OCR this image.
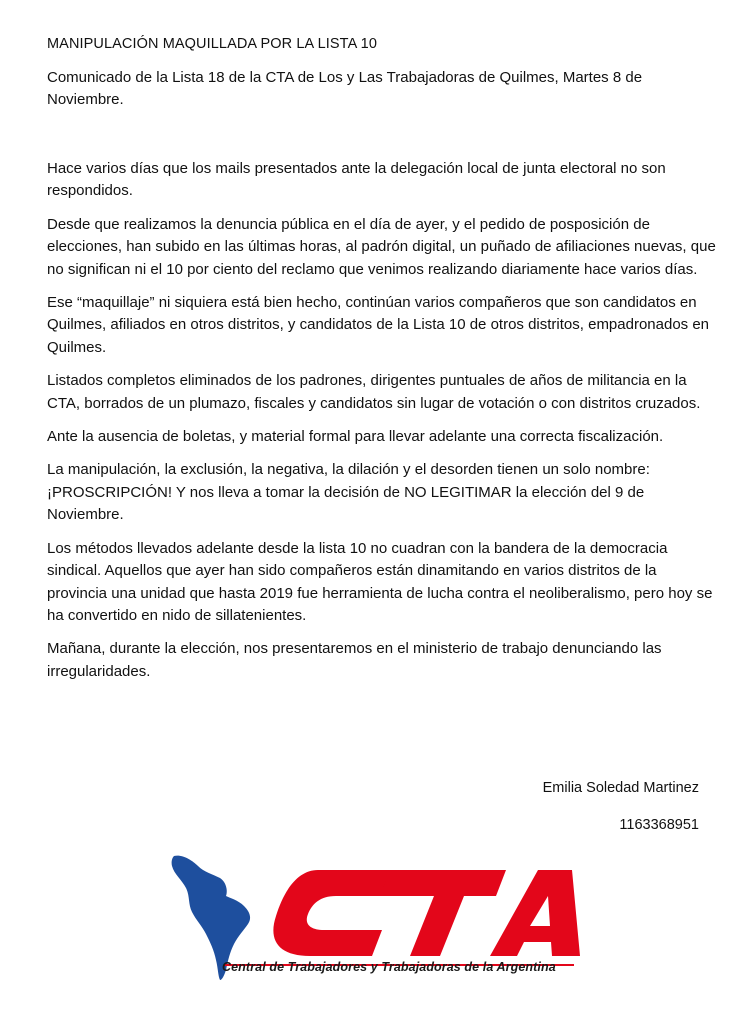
MANIPULACIÓN MAQUILLADA POR LA LISTA 10
Comunicado de la Lista 18 de la CTA de Los y Las Trabajadoras de Quilmes, Martes 8 de Noviembre.

Hace varios días que los mails presentados ante la delegación local de junta electoral no son respondidos.

Desde que realizamos la denuncia pública en el día de ayer, y el pedido de posposición de elecciones, han subido en las últimas horas, al padrón digital, un puñado de afiliaciones nuevas, que no significan ni el 10 por ciento del reclamo que venimos realizando diariamente hace varios días.

Ese “maquillaje” ni siquiera está bien hecho, continúan varios compañeros que son candidatos en Quilmes, afiliados en otros distritos, y candidatos de la Lista 10 de otros distritos, empadronados en Quilmes.

Listados completos eliminados de los padrones, dirigentes puntuales de años de militancia en la CTA, borrados de un plumazo, fiscales y candidatos sin lugar de votación o con distritos cruzados.

Ante la ausencia de boletas, y material formal para llevar adelante una correcta fiscalización.

La manipulación, la exclusión, la negativa, la dilación y el desorden tienen un solo nombre: ¡PROSCRIPCIÓN! Y nos lleva a tomar la decisión de NO LEGITIMAR la elección del 9 de Noviembre.

Los métodos llevados adelante desde la lista 10 no cuadran con la bandera de la democracia sindical. Aquellos que ayer han sido compañeros están dinamitando en varios distritos de la provincia una unidad que hasta 2019 fue herramienta de lucha contra el neoliberalismo, pero hoy se ha convertido en nido de sillatenientes.

Mañana, durante la elección, nos presentaremos en el ministerio de trabajo denunciando las irregularidades.

Emilia Soledad Martinez
1163368951
Central de Trabajadores y Trabajadoras de la Argentina
